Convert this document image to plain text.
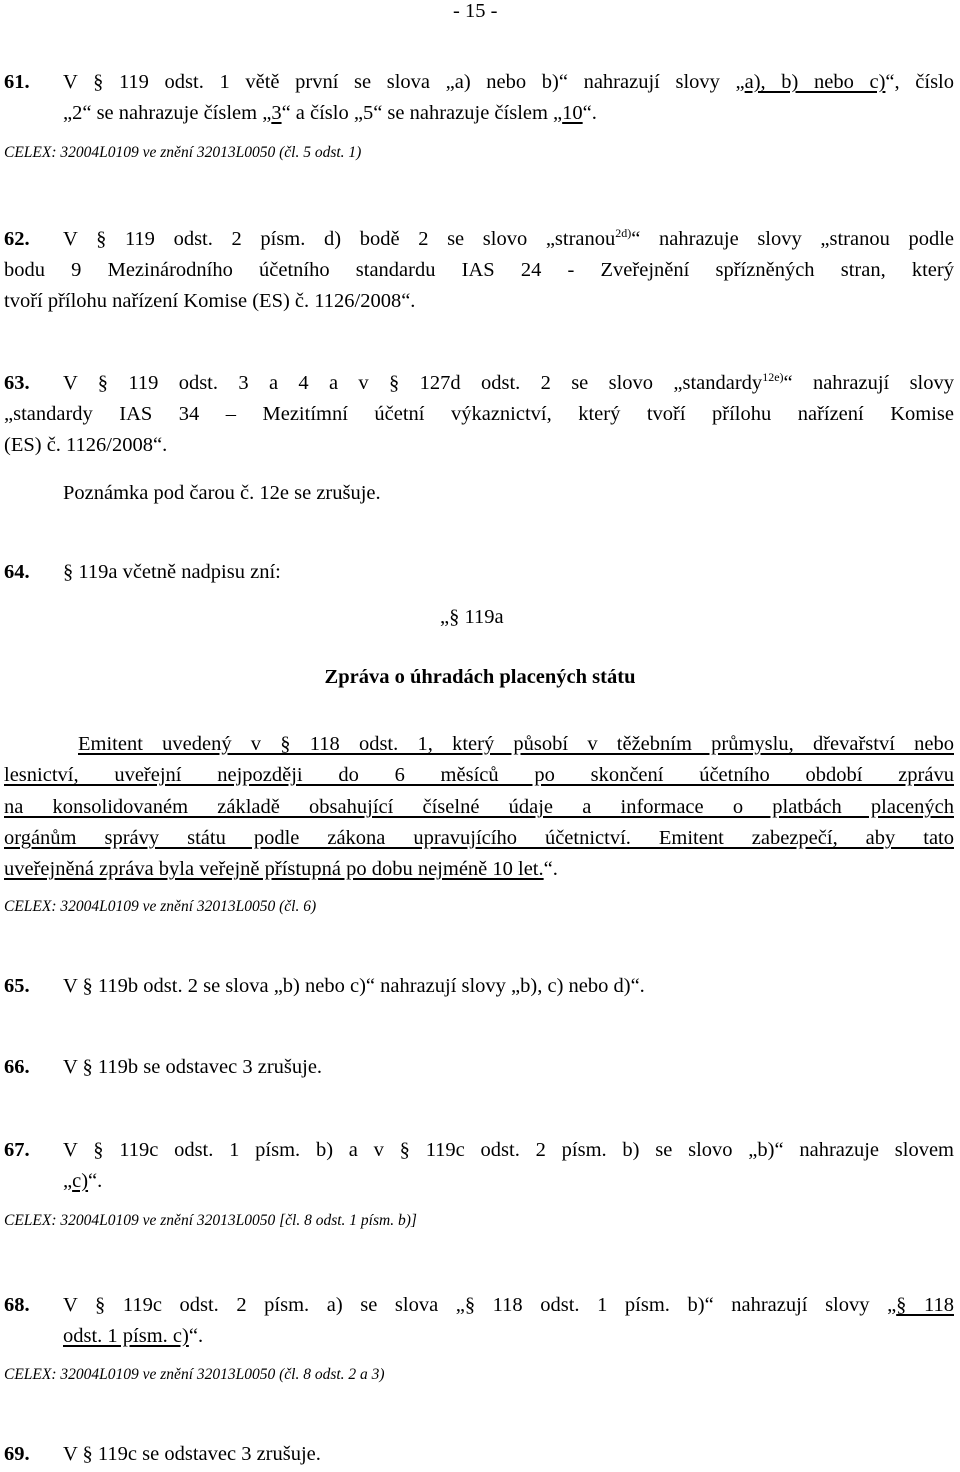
- 15 -
61. V § 119 odst. 1 větě první se slova „a) nebo b)“ nahrazují slovy „a), b) nebo c)“, číslo
„2“ se nahrazuje číslem „3“ a číslo „5“ se nahrazuje číslem „10“.
CELEX: 32004L0109 ve znění 32013L0050 (čl. 5 odst. 1)
62. V § 119 odst. 2 písm. d) bodě 2 se slovo „stranou$^{2d)}$“ nahrazuje slovy „stranou podle
bodu 9 Mezinárodního účetního standardu IAS 24 - Zveřejnění spřízněných stran, který
tvoří přílohu nařízení Komise (ES) č. 1126/2008“.
63. V § 119 odst. 3 a 4 a v § 127d odst. 2 se slovo „standardy$^{12e)}$“ nahrazují slovy
„standardy IAS 34 – Mezitímní účetní výkaznictví, který tvoří přílohu nařízení Komise
(ES) č. 1126/2008“.
Poznámka pod čarou č. 12e se zrušuje.
64. § 119a včetně nadpisu zní:
„§ 119a
Zpráva o úhradách placených státu
Emitent uvedený v § 118 odst. 1, který působí v těžebním průmyslu, dřevařství nebo
lesnictví, uveřejní nejpozději do 6 měsíců po skončení účetního období zprávu
na konsolidovaném základě obsahující číselné údaje a informace o platbách placených
orgánům správy státu podle zákona upravujícího účetnictví. Emitent zabezpečí, aby tato
uveřejněná zpráva byla veřejně přístupná po dobu nejméně 10 let.“.
CELEX: 32004L0109 ve znění 32013L0050 (čl. 6)
65. V § 119b odst. 2 se slova „b) nebo c)“ nahrazují slovy „b), c) nebo d)“.
66. V § 119b se odstavec 3 zrušuje.
67. V § 119c odst. 1 písm. b) a v § 119c odst. 2 písm. b) se slovo „b)“ nahrazuje slovem
„c)“.
CELEX: 32004L0109 ve znění 32013L0050 [čl. 8 odst. 1 písm. b)]
68. V § 119c odst. 2 písm. a) se slova „§ 118 odst. 1 písm. b)“ nahrazují slovy „§ 118
odst. 1 písm. c)“.
CELEX: 32004L0109 ve znění 32013L0050 (čl. 8 odst. 2 a 3)
69. V § 119c se odstavec 3 zrušuje.
